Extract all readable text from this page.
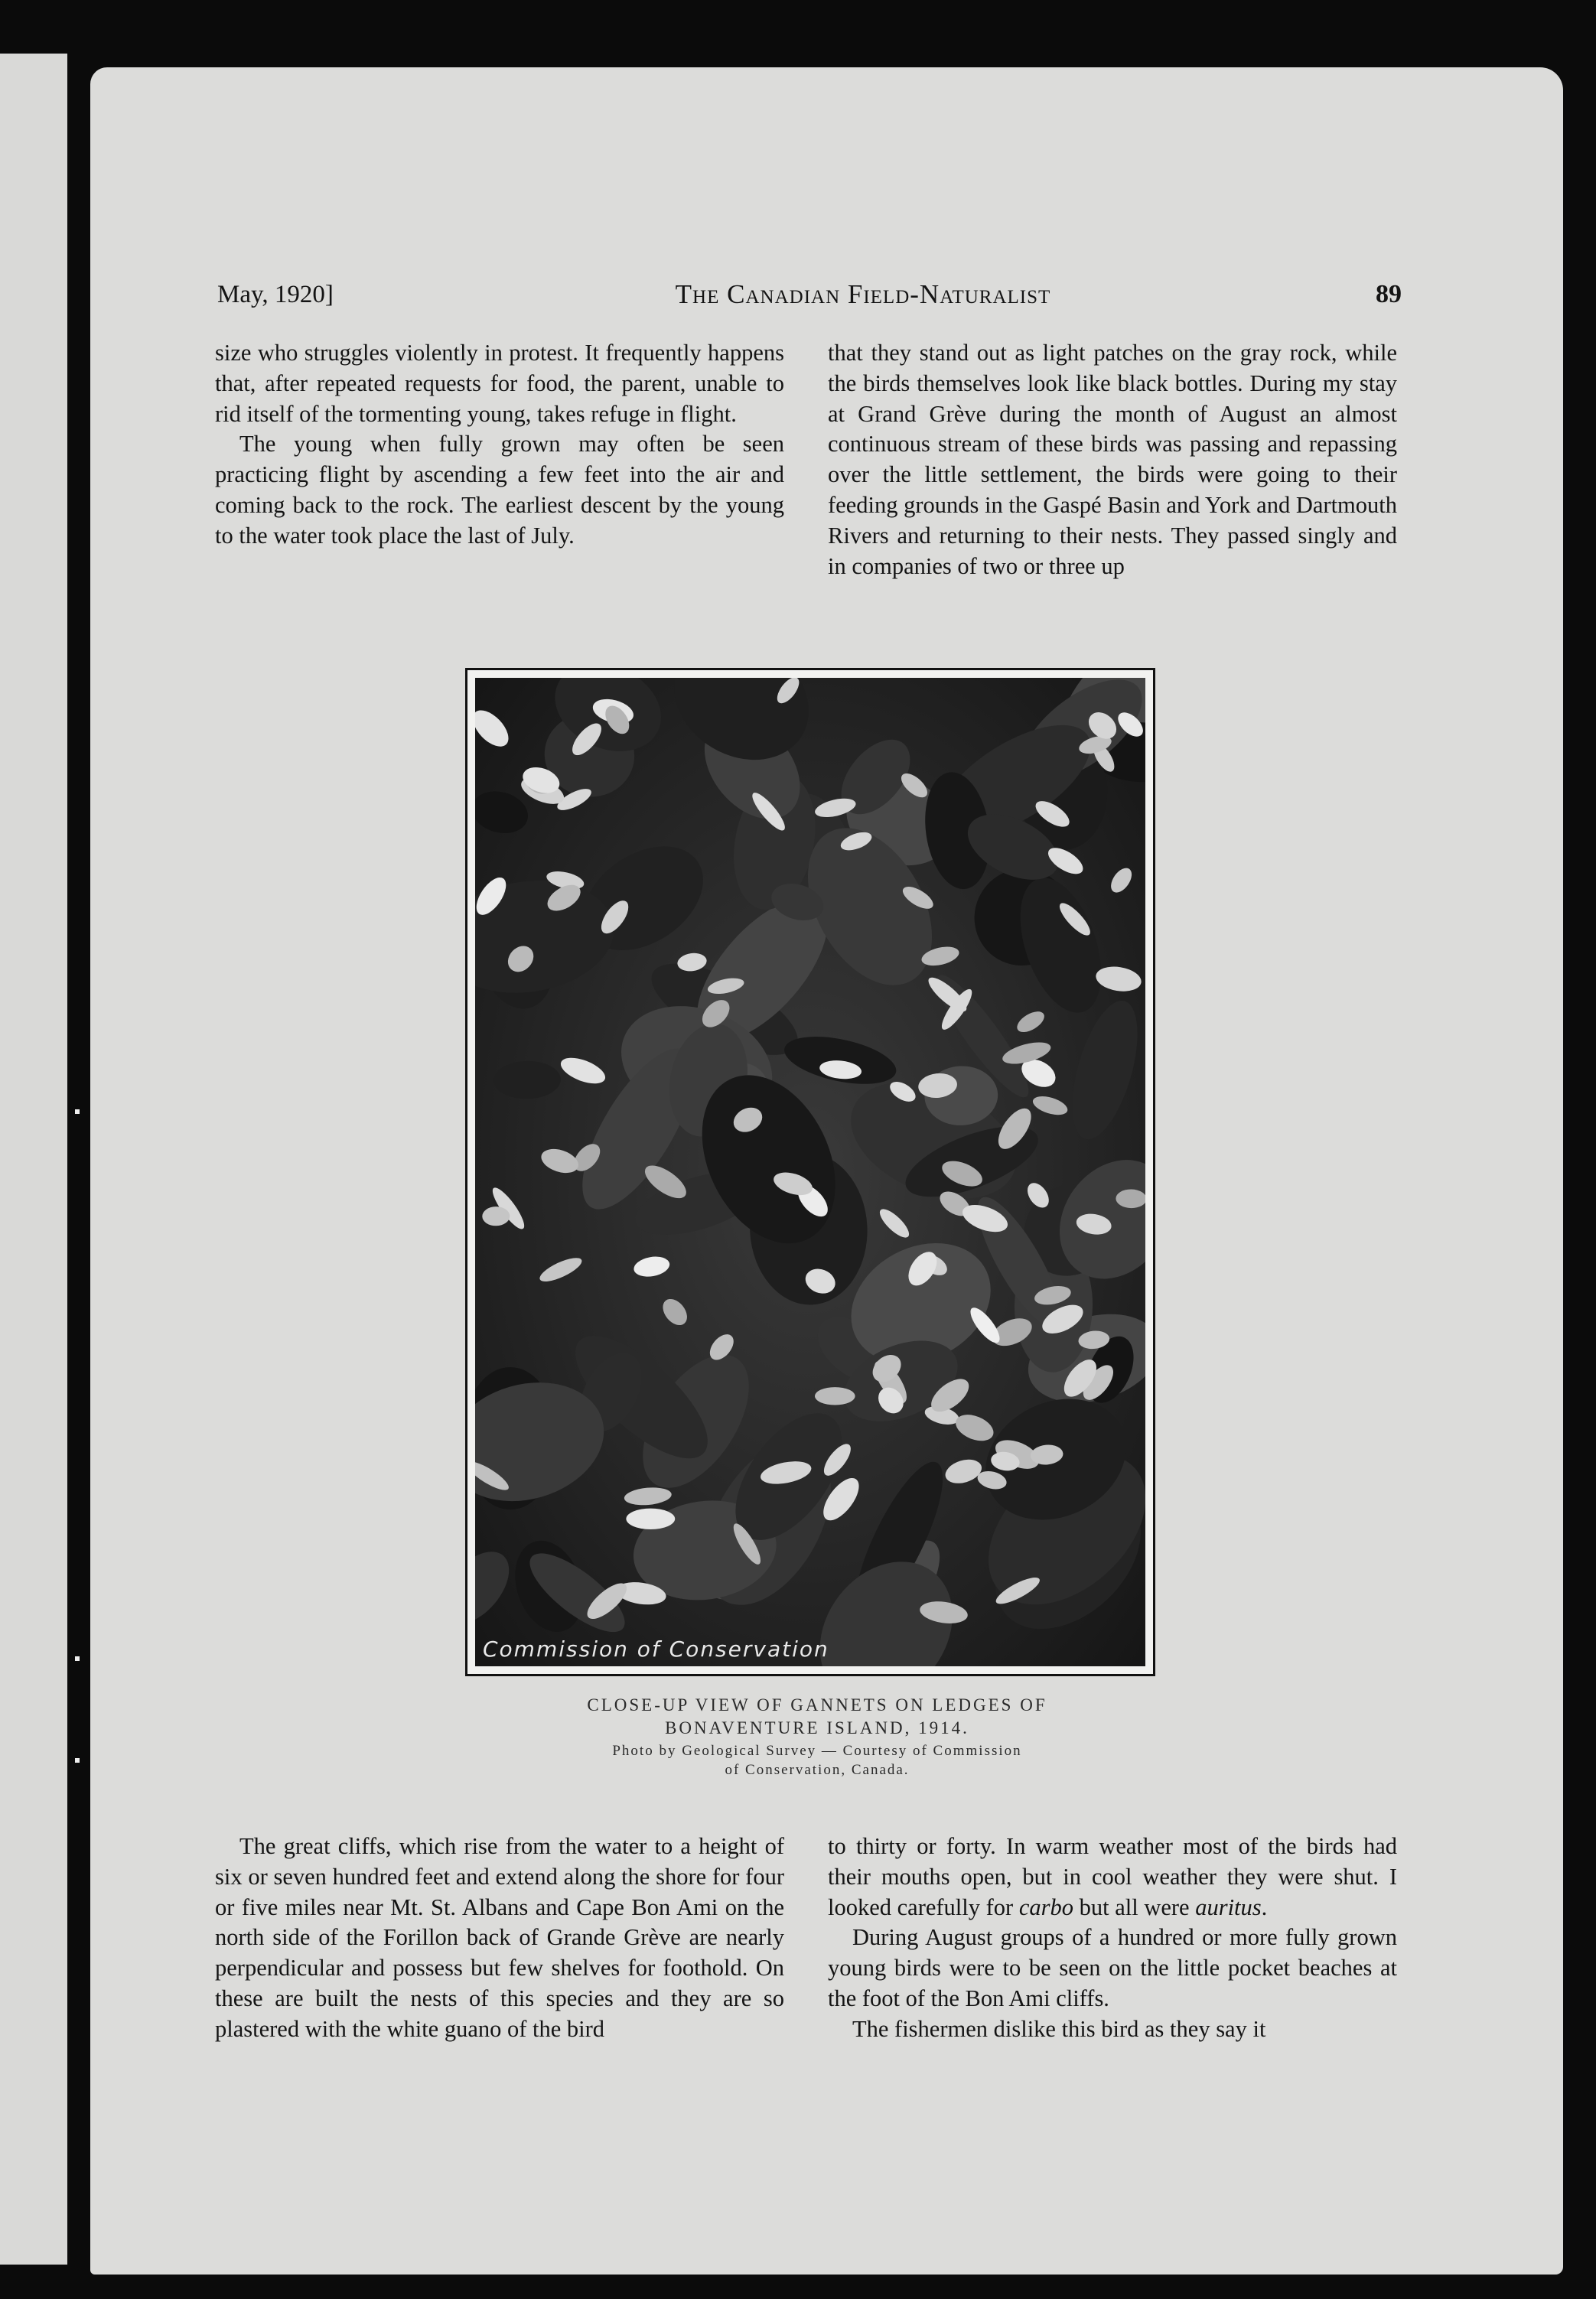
May, 1920]	The Canadian Field-Naturalist	89

size who struggles violently in protest. It frequently happens that, after repeated requests for food, the parent, unable to rid itself of the tormenting young, takes refuge in flight.

The young when fully grown may often be seen practicing flight by ascending a few feet into the air and coming back to the rock. The earliest descent by the young to the water took place the last of July.

that they stand out as light patches on the gray rock, while the birds themselves look like black bottles. During my stay at Grand Grève during the month of August an almost continuous stream of these birds was passing and repassing over the little settlement, the birds were going to their feeding grounds in the Gaspé Basin and York and Dartmouth Rivers and returning to their nests. They passed singly and in companies of two or three up

Commission of Conservation
CLOSE-UP VIEW OF GANNETS ON LEDGES OF
BONAVENTURE ISLAND, 1914.
Photo by Geological Survey — Courtesy of Commission
of Conservation, Canada.

The great cliffs, which rise from the water to a height of six or seven hundred feet and extend along the shore for four or five miles near Mt. St. Albans and Cape Bon Ami on the north side of the Forillon back of Grande Grève are nearly perpendicular and possess but few shelves for foothold. On these are built the nests of this species and they are so plastered with the white guano of the bird

to thirty or forty. In warm weather most of the birds had their mouths open, but in cool weather they were shut. I looked carefully for carbo but all were auritus.

During August groups of a hundred or more fully grown young birds were to be seen on the little pocket beaches at the foot of the Bon Ami cliffs.

The fishermen dislike this bird as they say it
